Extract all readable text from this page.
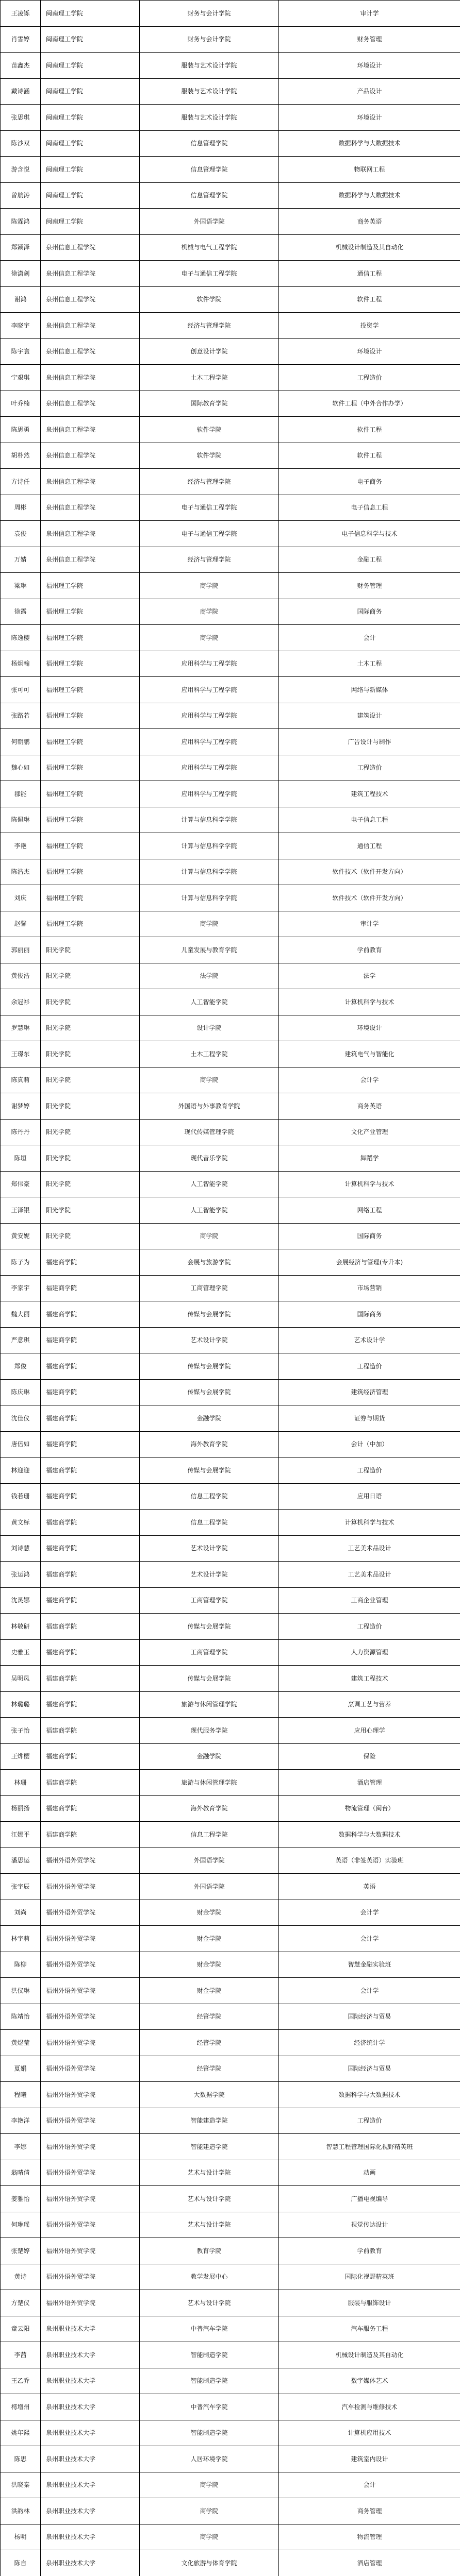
王凌铄	闽南理工学院	财务与会计学院	审计学
肖雪婷	闽南理工学院	财务与会计学院	财务管理
苗鑫杰	闽南理工学院	服装与艺术设计学院	环境设计
戴诗涵	闽南理工学院	服装与艺术设计学院	产品设计
张思琪	闽南理工学院	服装与艺术设计学院	环境设计
陈沙双	闽南理工学院	信息管理学院	数据科学与大数据技术
游含悦	闽南理工学院	信息管理学院	物联网工程
曾航涛	闽南理工学院	信息管理学院	数据科学与大数据技术
陈霖鸿	闽南理工学院	外国语学院	商务英语
郑颖泽	泉州信息工程学院	机械与电气工程学院	机械设计制造及其自动化
徐潇剑	泉州信息工程学院	电子与通信工程学院	通信工程
谢鸿	泉州信息工程学院	软件学院	软件工程
李晓宇	泉州信息工程学院	经济与管理学院	投资学
陈宇寰	泉州信息工程学院	创意设计学院	环境设计
宁艰琪	泉州信息工程学院	土木工程学院	工程造价
叶乔楠	泉州信息工程学院	国际教育学院	软件工程（中外合作办学）
陈思勇	泉州信息工程学院	软件学院	软件工程
胡朴然	泉州信息工程学院	软件学院	软件工程
方诗任	泉州信息工程学院	经济与管理学院	电子商务
周彬	泉州信息工程学院	电子与通信工程学院	电子信息工程
袁俊	泉州信息工程学院	电子与通信工程学院	电子信息科学与技术
万婧	泉州信息工程学院	经济与管理学院	金融工程
梁琳	福州理工学院	商学院	财务管理
徐露	福州理工学院	商学院	国际商务
陈逸樱	福州理工学院	商学院	会计
杨炯翰	福州理工学院	应用科学与工程学院	土木工程
张可可	福州理工学院	应用科学与工程学院	网络与新媒体
张路若	福州理工学院	应用科学与工程学院	建筑设计
何朝鹏	福州理工学院	应用科学与工程学院	广告设计与制作
魏心如	福州理工学院	应用科学与工程学院	工程造价
郡能	福州理工学院	应用科学与工程学院	建筑工程技术
陈佩琳	福州理工学院	计算与信息科学学院	电子信息工程
李艳	福州理工学院	计算与信息科学学院	通信工程
陈浩杰	福州理工学院	计算与信息科学学院	软件技术（软件开发方向）
刘庆	福州理工学院	计算与信息科学学院	软件技术（软件开发方向）
赵馨	福州理工学院	商学院	审计学
郭丽丽	阳光学院	儿童发展与教育学院	学前教育
黄俊浩	阳光学院	法学院	法学
余冠衫	阳光学院	人工智能学院	计算机科学与技术
罗慧琳	阳光学院	设计学院	环境设计
王璟东	阳光学院	土木工程学院	建筑电气与智能化
陈真莉	阳光学院	商学院	会计学
谢梦婷	阳光学院	外国语与外事教育学院	商务英语
陈丹丹	阳光学院	现代传媒管理学院	文化产业管理
陈垣	阳光学院	现代音乐学院	舞蹈学
郑伟豪	阳光学院	人工智能学院	计算机科学与技术
王泽银	阳光学院	人工智能学院	网络工程
黄安妮	阳光学院	商学院	国际商务
陈子为	福建商学院	会展与旅游学院	会展经济与管理(专升本)
李家宇	福建商学院	工商管理学院	市场营销
魏大丽	福建商学院	传媒与会展学院	国际商务
严意琪	福建商学院	艺术设计学院	艺术设计学
郑俊	福建商学院	传媒与会展学院	工程造价
陈庆琳	福建商学院	传媒与会展学院	建筑经济管理
沈佳仪	福建商学院	金融学院	证券与期货
唐倍如	福建商学院	海外教育学院	会计（中加）
林迎迎	福建商学院	传媒与会展学院	工程造价
钱若珊	福建商学院	信息工程学院	应用日语
黄文标	福建商学院	信息工程学院	计算机科学与技术
刘诗慧	福建商学院	艺术设计学院	工艺美术品设计
张运鸿	福建商学院	艺术设计学院	工艺美术品设计
沈灵娜	福建商学院	工商管理学院	工商企业管理
林敬研	福建商学院	传媒与会展学院	工程造价
史雅玉	福建商学院	工商管理学院	人力资源管理
吴明凤	福建商学院	传媒与会展学院	建筑工程技术
林璐璐	福建商学院	旅游与休闲管理学院	烹调工艺与营养
张子怡	福建商学院	现代服务学院	应用心理学
王烨樱	福建商学院	金融学院	保险
林珊	福建商学院	旅游与休闲管理学院	酒店管理
杨丽扬	福建商学院	海外教育学院	物流管理（闽台）
江娜平	福建商学院	信息工程学院	数据科学与大数据技术
潘思运	福州外语外贸学院	外国语学院	英语（非签英语）实验班
张宇辰	福州外语外贸学院	外国语学院	英语
刘尚	福州外语外贸学院	财金学院	会计学
林宇莉	福州外语外贸学院	财金学院	会计学
陈柳	福州外语外贸学院	财金学院	智慧金融实验班
洪仪琳	福州外语外贸学院	财金学院	会计学
陈靖怡	福州外语外贸学院	经管学院	国际经济与贸易
黄煜莹	福州外语外贸学院	经管学院	经济统计学
夏娟	福州外语外贸学院	经管学院	国际经济与贸易
程曦	福州外语外贸学院	大数据学院	数据科学与大数据技术
李艳洋	福州外语外贸学院	智能建造学院	工程造价
李娜	福州外语外贸学院	智能建造学院	智慧工程管理国际化视野精英班
翁晴倩	福州外语外贸学院	艺术与设计学院	动画
姜雅怡	福州外语外贸学院	艺术与设计学院	广播电视编导
何琳瑶	福州外语外贸学院	艺术与设计学院	视觉传达设计
张楚婷	福州外语外贸学院	教育学院	学前教育
黄诗	福州外语外贸学院	教学发展中心	国际化视野精英班
方楚仪	福州外语外贸学院	艺术与设计学院	服装与服饰设计
童云阳	泉州职业技术大学	中普汽车学院	汽车服务工程
李茜	泉州职业技术大学	智能制造学院	机械设计制造及其自动化
王乙乔	泉州职业技术大学	智能制造学院	数字媒体艺术
樗增州	泉州职业技术大学	中普汽车学院	汽车检测与维修技术
姚年熙	泉州职业技术大学	智能制造学院	计算机应用技术
陈思	泉州职业技术大学	人居环境学院	建筑室内设计
洪晓秦	泉州职业技术大学	商学院	会计
洪韵林	泉州职业技术大学	商学院	商务管理
杨明	泉州职业技术大学	商学院	物流管理
陈自	泉州职业技术大学	文化旅游与体育学院	酒店管理
